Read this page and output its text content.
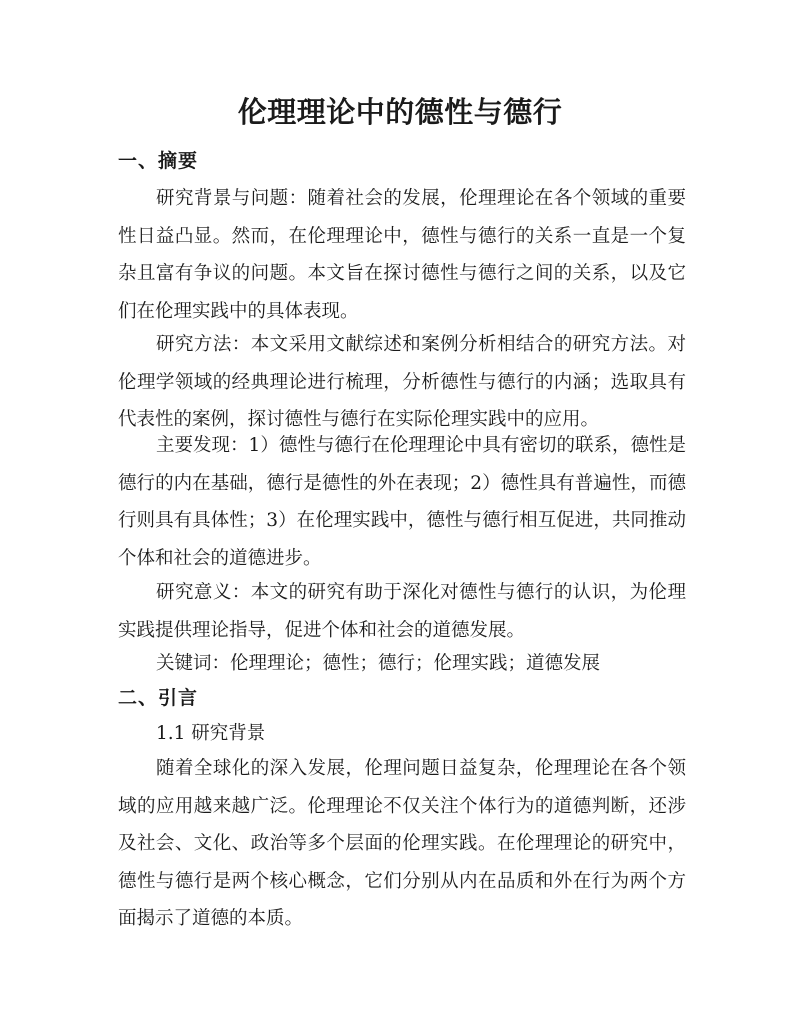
伦理理论中的德性与德行
一、摘要
研究背景与问题：随着社会的发展，伦理理论在各个领域的重要性日益凸显。然而，在伦理理论中，德性与德行的关系一直是一个复杂且富有争议的问题。本文旨在探讨德性与德行之间的关系，以及它们在伦理实践中的具体表现。
研究方法：本文采用文献综述和案例分析相结合的研究方法。对伦理学领域的经典理论进行梳理，分析德性与德行的内涵；选取具有代表性的案例，探讨德性与德行在实际伦理实践中的应用。
主要发现：1）德性与德行在伦理理论中具有密切的联系，德性是德行的内在基础，德行是德性的外在表现；2）德性具有普遍性，而德行则具有具体性；3）在伦理实践中，德性与德行相互促进，共同推动个体和社会的道德进步。
研究意义：本文的研究有助于深化对德性与德行的认识，为伦理实践提供理论指导，促进个体和社会的道德发展。
关键词：伦理理论；德性；德行；伦理实践；道德发展
二、引言
1.1 研究背景
随着全球化的深入发展，伦理问题日益复杂，伦理理论在各个领域的应用越来越广泛。伦理理论不仅关注个体行为的道德判断，还涉及社会、文化、政治等多个层面的伦理实践。在伦理理论的研究中，德性与德行是两个核心概念，它们分别从内在品质和外在行为两个方面揭示了道德的本质。
